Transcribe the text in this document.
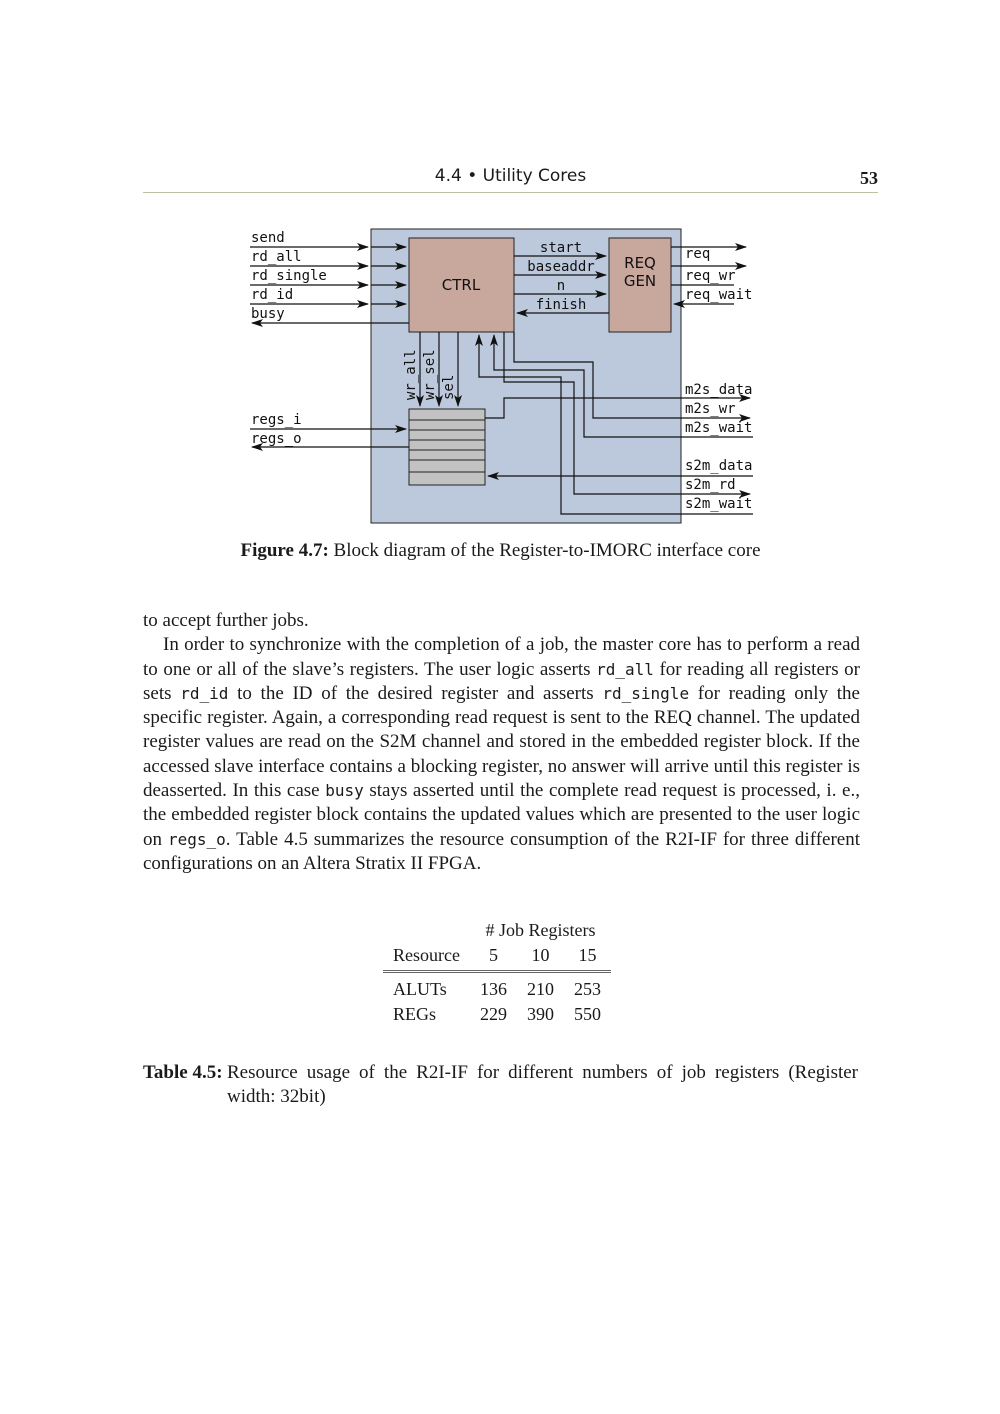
4.4 • Utility Cores	53
CTRL
REQ
GEN
send
rd_all
rd_single
rd_id
busy
regs_i
regs_o
start
baseaddr
n
finish
wr_all wr_sel sel
req
req_wr
req_wait
m2s_data
m2s_wr
m2s_wait
s2m_data
s2m_rd
s2m_wait
Figure 4.7: Block diagram of the Register-to-IMORC interface core

to accept further jobs.

In order to synchronize with the completion of a job, the master core has to perform a read to one or all of the slave’s registers. The user logic asserts rd_all for reading all registers or sets rd_id to the ID of the desired register and asserts rd_single for reading only the specific register. Again, a corresponding read request is sent to the REQ channel. The updated register values are read on the S2M channel and stored in the embedded register block. If the accessed slave interface contains a blocking register, no answer will arrive until this register is deasserted. In this case busy stays asserted until the complete read request is processed, i. e., the embedded register block contains the updated values which are presented to the user logic on regs_o. Table 4.5 summarizes the resource consumption of the R2I-IF for three different configurations on an Altera Stratix II FPGA.

	# Job Registers		
Resource	5	10	15
ALUTs	136	210	253
REGs	229	390	550
Table 4.5: Resource usage of the R2I-IF for different numbers of job registers (Register width: 32bit)
